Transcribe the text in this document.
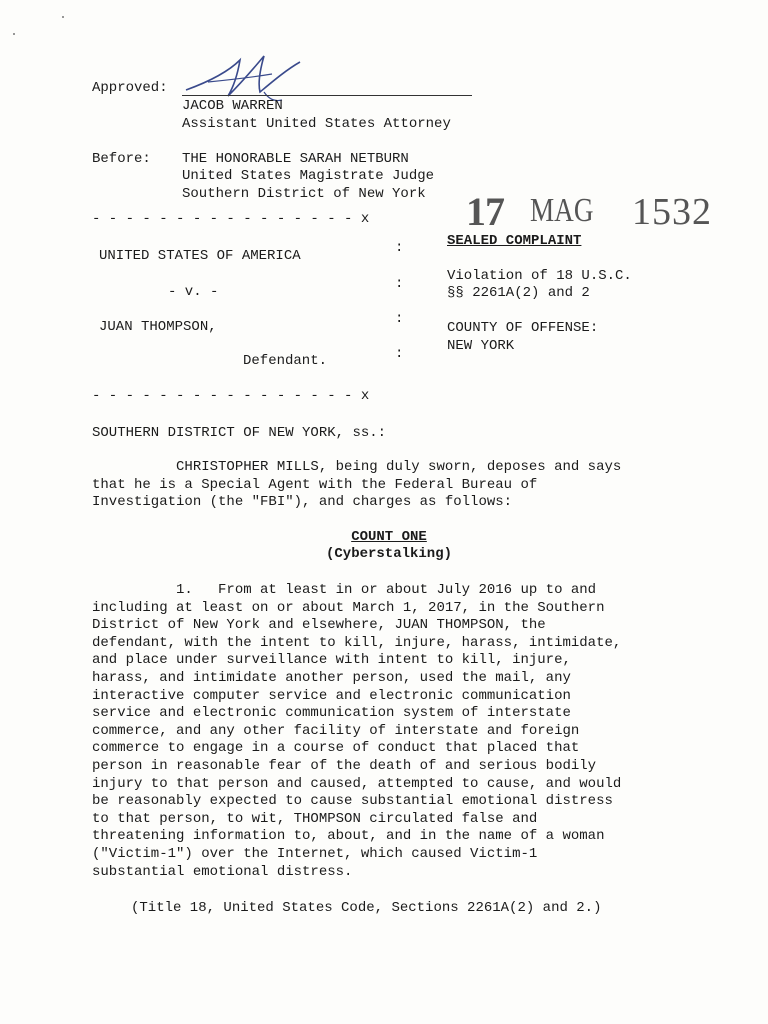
Approved:
JACOB WARREN
Assistant United States Attorney
Before: THE HONORABLE SARAH NETBURN
United States Magistrate Judge
Southern District of New York 17 MAG 1532
- - - - - - - - - - - - - - - - x
:
:
:
:
UNITED STATES OF AMERICA
- v. -
JUAN THOMPSON,
Defendant.
- - - - - - - - - - - - - - - - x
SEALED COMPLAINT
Violation of 18 U.S.C.
§§ 2261A(2) and 2
COUNTY OF OFFENSE:
NEW YORK
SOUTHERN DISTRICT OF NEW YORK, ss.:
CHRISTOPHER MILLS, being duly sworn, deposes and says
that he is a Special Agent with the Federal Bureau of
Investigation (the "FBI"), and charges as follows:
COUNT ONE
(Cyberstalking)
1.   From at least in or about July 2016 up to and
including at least on or about March 1, 2017, in the Southern
District of New York and elsewhere, JUAN THOMPSON, the
defendant, with the intent to kill, injure, harass, intimidate,
and place under surveillance with intent to kill, injure,
harass, and intimidate another person, used the mail, any
interactive computer service and electronic communication
service and electronic communication system of interstate
commerce, and any other facility of interstate and foreign
commerce to engage in a course of conduct that placed that
person in reasonable fear of the death of and serious bodily
injury to that person and caused, attempted to cause, and would
be reasonably expected to cause substantial emotional distress
to that person, to wit, THOMPSON circulated false and
threatening information to, about, and in the name of a woman
("Victim-1") over the Internet, which caused Victim-1
substantial emotional distress.
(Title 18, United States Code, Sections 2261A(2) and 2.)
